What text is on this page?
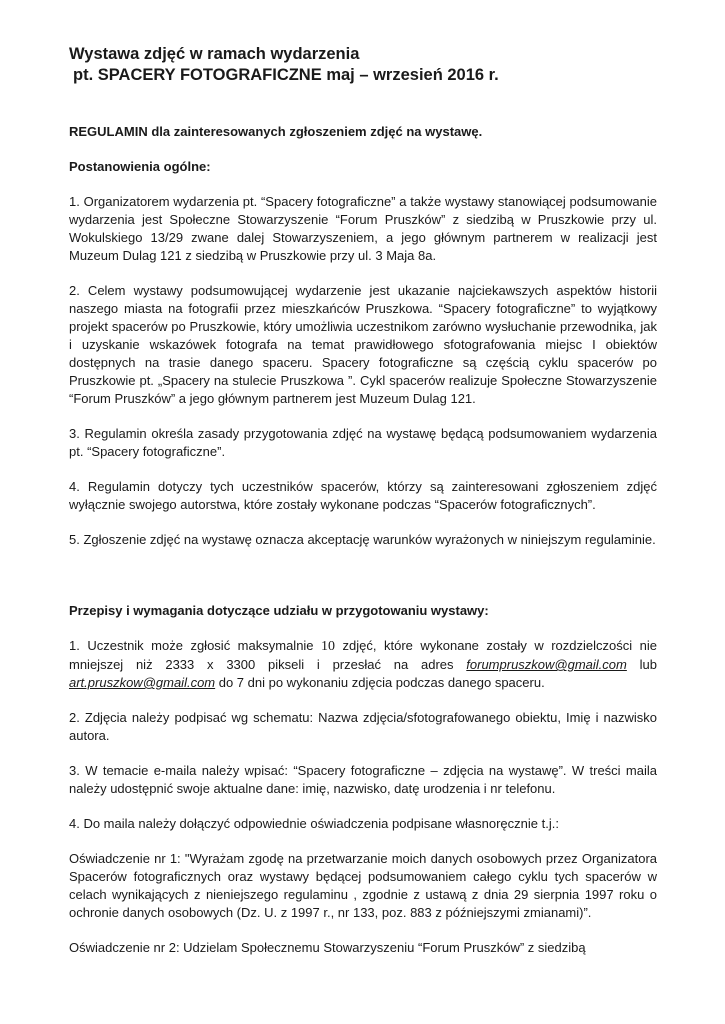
Wystawa zdjęć w ramach wydarzenia
pt. SPACERY FOTOGRAFICZNE maj – wrzesień 2016 r.

REGULAMIN dla zainteresowanych zgłoszeniem zdjęć na wystawę.

Postanowienia ogólne:

1. Organizatorem wydarzenia pt. “Spacery fotograficzne” a także wystawy stanowiącej podsumowanie wydarzenia jest Społeczne Stowarzyszenie “Forum Pruszków” z siedzibą w Pruszkowie przy ul. Wokulskiego 13/29 zwane dalej Stowarzyszeniem, a jego głównym partnerem w realizacji jest Muzeum Dulag 121 z siedzibą w Pruszkowie przy ul. 3 Maja 8a.

2. Celem wystawy podsumowującej wydarzenie jest ukazanie najciekawszych aspektów historii naszego miasta na fotografii przez mieszkańców Pruszkowa. “Spacery fotograficzne” to wyjątkowy projekt spacerów po Pruszkowie, który umożliwia uczestnikom zarówno wysłuchanie przewodnika, jak i uzyskanie wskazówek fotografa na temat prawidłowego sfotografowania miejsc I obiektów dostępnych na trasie danego spaceru. Spacery fotograficzne są częścią cyklu spacerów po Pruszkowie pt. „Spacery na stulecie Pruszkowa ”. Cykl spacerów realizuje Społeczne Stowarzyszenie “Forum Pruszków” a jego głównym partnerem jest Muzeum Dulag 121.

3. Regulamin określa zasady przygotowania zdjęć na wystawę będącą podsumowaniem wydarzenia pt. “Spacery fotograficzne”.

4. Regulamin dotyczy tych uczestników spacerów, którzy są zainteresowani zgłoszeniem zdjęć wyłącznie swojego autorstwa, które zostały wykonane podczas “Spacerów fotograficznych”.

5. Zgłoszenie zdjęć na wystawę oznacza akceptację warunków wyrażonych w niniejszym regulaminie.

Przepisy i wymagania dotyczące udziału w przygotowaniu wystawy:

1. Uczestnik może zgłosić maksymalnie 10 zdjęć, które wykonane zostały w rozdzielczości nie mniejszej niż 2333 x 3300 pikseli i przesłać na adres forumpruszkow@gmail.com lub art.pruszkow@gmail.com do 7 dni po wykonaniu zdjęcia podczas danego spaceru.

2. Zdjęcia należy podpisać wg schematu: Nazwa zdjęcia/sfotografowanego obiektu, Imię i nazwisko autora.

3. W temacie e-maila należy wpisać: “Spacery fotograficzne – zdjęcia na wystawę”. W treści maila należy udostępnić swoje aktualne dane: imię, nazwisko, datę urodzenia i nr telefonu.

4. Do maila należy dołączyć odpowiednie oświadczenia podpisane własnoręcznie t.j.:

Oświadczenie nr 1: "Wyrażam zgodę na przetwarzanie moich danych osobowych przez Organizatora Spacerów fotograficznych oraz wystawy będącej podsumowaniem całego cyklu tych spacerów w celach wynikających z nieniejszego regulaminu , zgodnie z ustawą z dnia 29 sierpnia 1997 roku o ochronie danych osobowych (Dz. U. z 1997 r., nr 133, poz. 883 z późniejszymi zmianami)”.

Oświadczenie nr 2: Udzielam Społecznemu Stowarzyszeniu “Forum Pruszków” z siedzibą
